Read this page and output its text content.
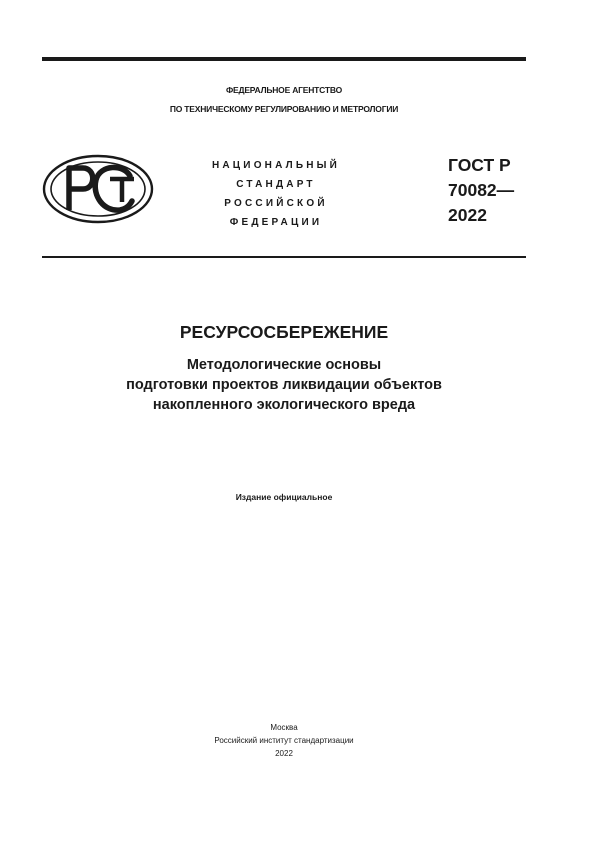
ФЕДЕРАЛЬНОЕ АГЕНТСТВО
ПО ТЕХНИЧЕСКОМУ РЕГУЛИРОВАНИЮ И МЕТРОЛОГИИ
НАЦИОНАЛЬНЫЙ
СТАНДАРТ
РОССИЙСКОЙ
ФЕДЕРАЦИИ
ГОСТ Р
70082—
2022
РЕСУРСОСБЕРЕЖЕНИЕ
Методологические основы
подготовки проектов ликвидации объектов
накопленного экологического вреда
Издание официальное
Москва
Российский институт стандартизации
2022
